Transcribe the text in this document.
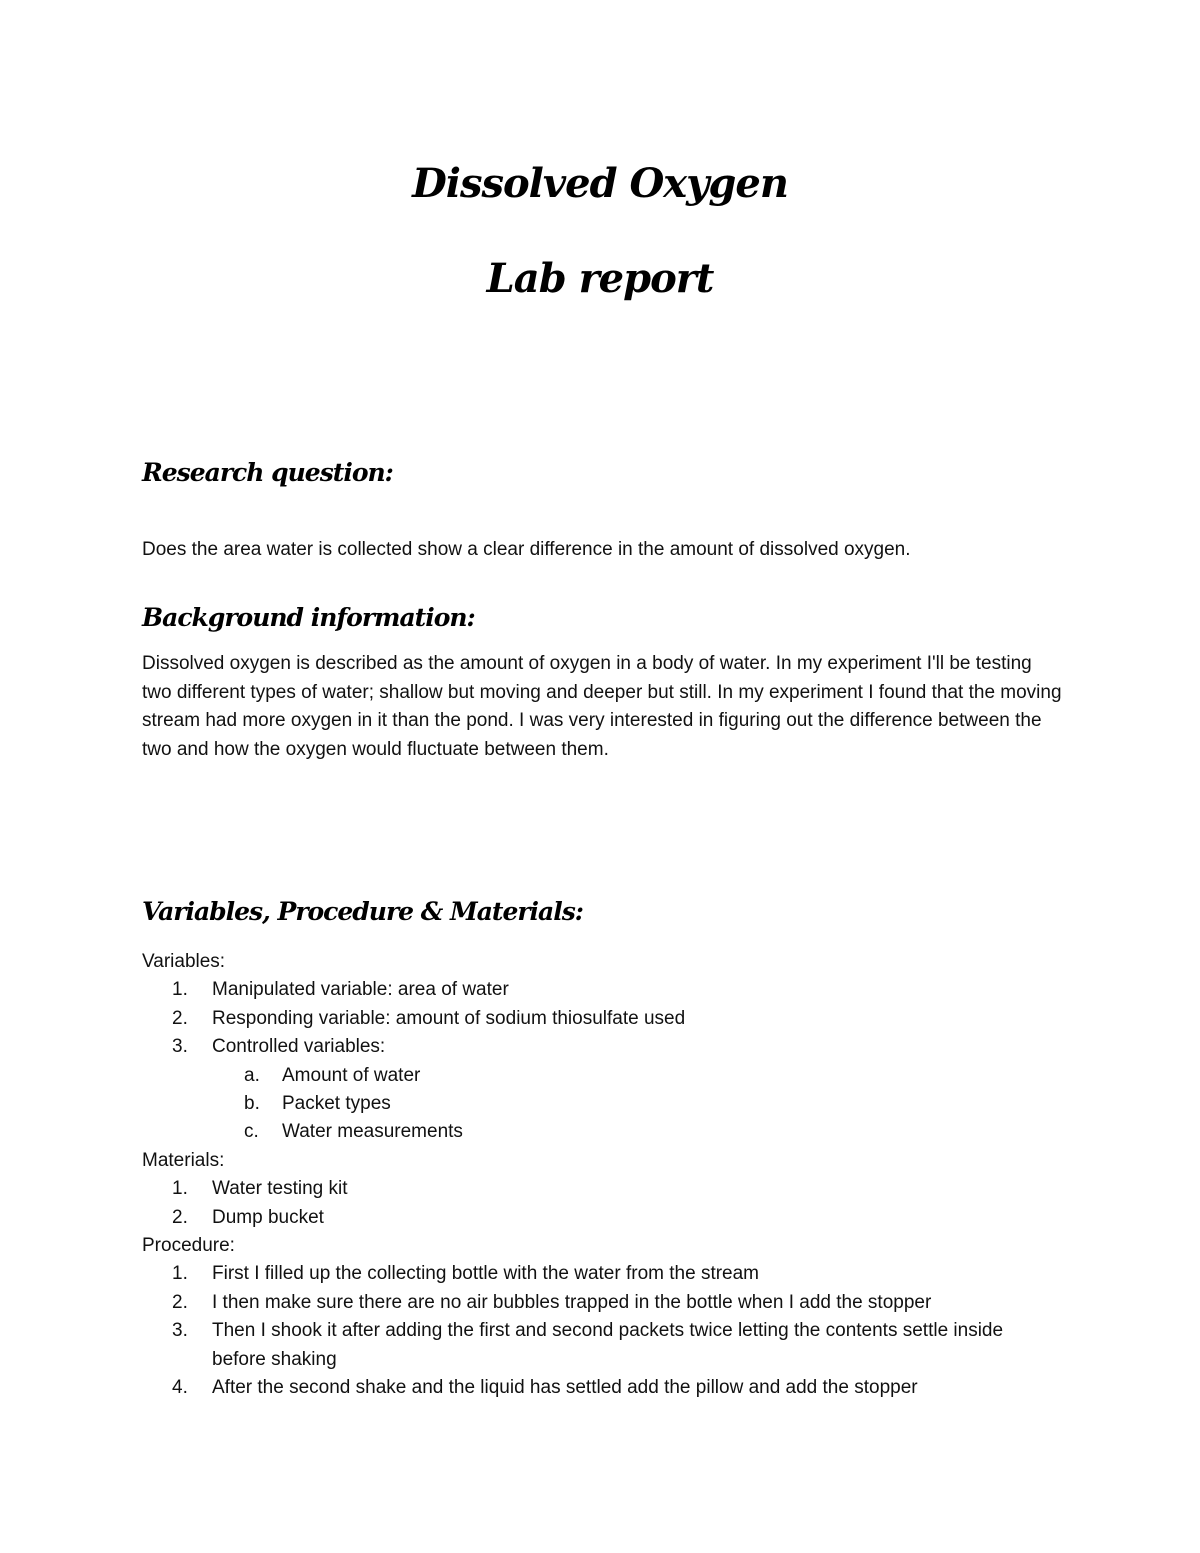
Dissolved Oxygen
Lab report
Research question:

Does the area water is collected show a clear difference in the amount of dissolved oxygen.

Background information:

Dissolved oxygen is described as the amount of oxygen in a body of water. In my experiment I'll be testing two different types of water; shallow but moving and deeper but still. In my experiment I found that the moving stream had more oxygen in it than the pond. I was very interested in figuring out the difference between the two and how the oxygen would fluctuate between them.

Variables, Procedure & Materials:
Variables:
1.	Manipulated variable: area of water
2.	Responding variable: amount of sodium thiosulfate used
3.	Controlled variables:
a.	Amount of water
b.	Packet types
c.	Water measurements
Materials:
1.	Water testing kit
2.	Dump bucket
Procedure:
1.	First I filled up the collecting bottle with the water from the stream
2.	I then make sure there are no air bubbles trapped in the bottle when I add the stopper
3.	Then I shook it after adding the first and second packets twice letting the contents settle inside before shaking
4.	After the second shake and the liquid has settled add the pillow and add the stopper
